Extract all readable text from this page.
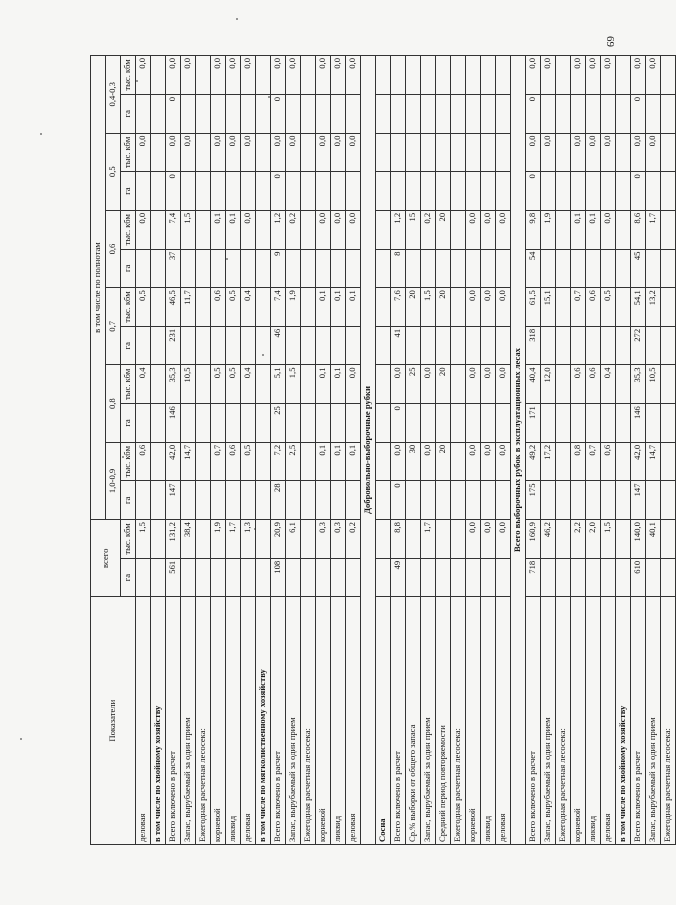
69
Показатели	всего		в том числе по полнотам											
			1,0-0,9		0,8		0,7		0,6		0,5		0,4-0,3	
	га	тыс. кбм	га	тыс. кбм	га	тыс. кбм	га	тыс. кбм	га	тыс. кбм	га	тыс. кбм	га	тыс. кбм
деловая		1,5		0,6		0,4		0,5		0,0		0,0		0,0
в том числе по хвойному хозяйству														
Всего включено в расчет	561	131,2	147	42,0	146	35,3	231	46,5	37	7,4	0	0,0	0	0,0
Запас, вырубаемый за один прием		38,4		14,7		10,5		11,7		1,5		0,0		0,0
Ежегодная расчетная лесосека:														
корневой		1,9		0,7		0,5		0,6		0,1		0,0		0,0
ликвид		1,7		0,6		0,5		0,5		0,1		0,0		0,0
деловая		1,3		0,5		0,4		0,4		0,0		0,0		0,0
в том числе по мягколиственному хозяйству														
Всего включено в расчет	108	20,9	28	7,2	25	5,1	46	7,4	9	1,2	0	0,0	0	0,0
Запас, вырубаемый за один прием		6,1		2,5		1,5		1,9		0,2		0,0		0,0
Ежегодная расчетная лесосека:														
корневой		0,3		0,1		0,1		0,1		0,0		0,0		0,0
ликвид		0,3		0,1		0,1		0,1		0,0		0,0		0,0
деловая		0,2		0,1		0,0		0,1		0,0		0,0		0,0
Добровольно-выборочные рубки														
Сосна														
Всего включено в расчет	49	8,8	0	0,0	0	0,0	41	7,6	8	1,2				
Ср.% выборки от общего запаса				30		25		20		15				
Запас, вырубаемый за один прием		1,7		0,0		0,0		1,5		0,2				
Средний период повторяемости				20		20		20		20				
Ежегодная расчетная лесосека:														
корневой		0,0		0,0		0,0		0,0		0,0				
ликвид		0,0		0,0		0,0		0,0		0,0				
деловая		0,0		0,0		0,0		0,0		0,0				
Всего выборочных рубок в эксплуатационных лесах														
Всего включено в расчет	718	160,9	175	49,2	171	40,4	318	61,5	54	9,8	0	0,0	0	0,0
Запас, вырубаемый за один прием		46,2		17,2		12,0		15,1		1,9		0,0		0,0
Ежегодная расчетная лесосека:														
корневой		2,2		0,8		0,6		0,7		0,1		0,0		0,0
ликвид		2,0		0,7		0,6		0,6		0,1		0,0		0,0
деловая		1,5		0,6		0,4		0,5		0,0		0,0		0,0
в том числе по хвойному хозяйству														
Всего включено в расчет	610	140,0	147	42,0	146	35,3	272	54,1	45	8,6	0	0,0	0	0,0
Запас, вырубаемый за один прием		40,1		14,7		10,5		13,2		1,7		0,0		0,0
Ежегодная расчетная лесосека:														
